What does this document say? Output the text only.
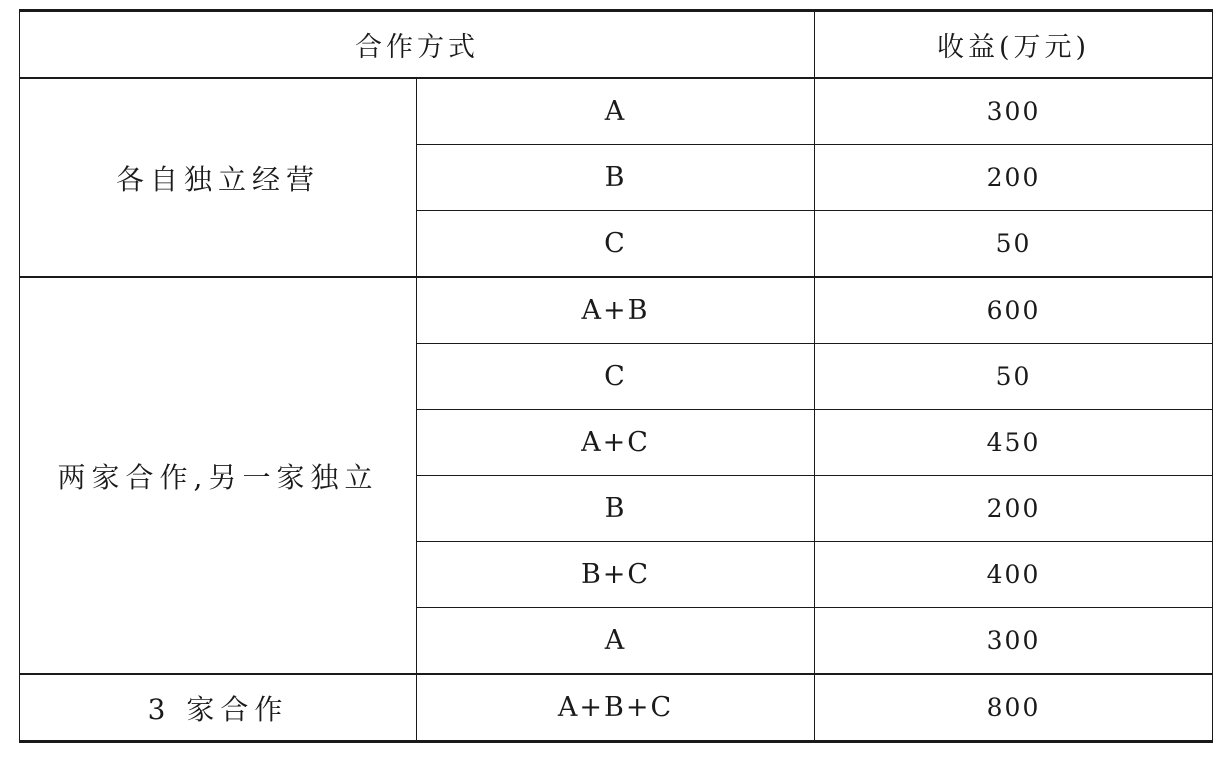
合作方式		收益(万元)
各自独立经营	A	300
	B	200
	C	50
两家合作,另一家独立	A+B	600
	C	50
	A+C	450
	B	200
	B+C	400
	A	300
3 家合作	A+B+C	800
